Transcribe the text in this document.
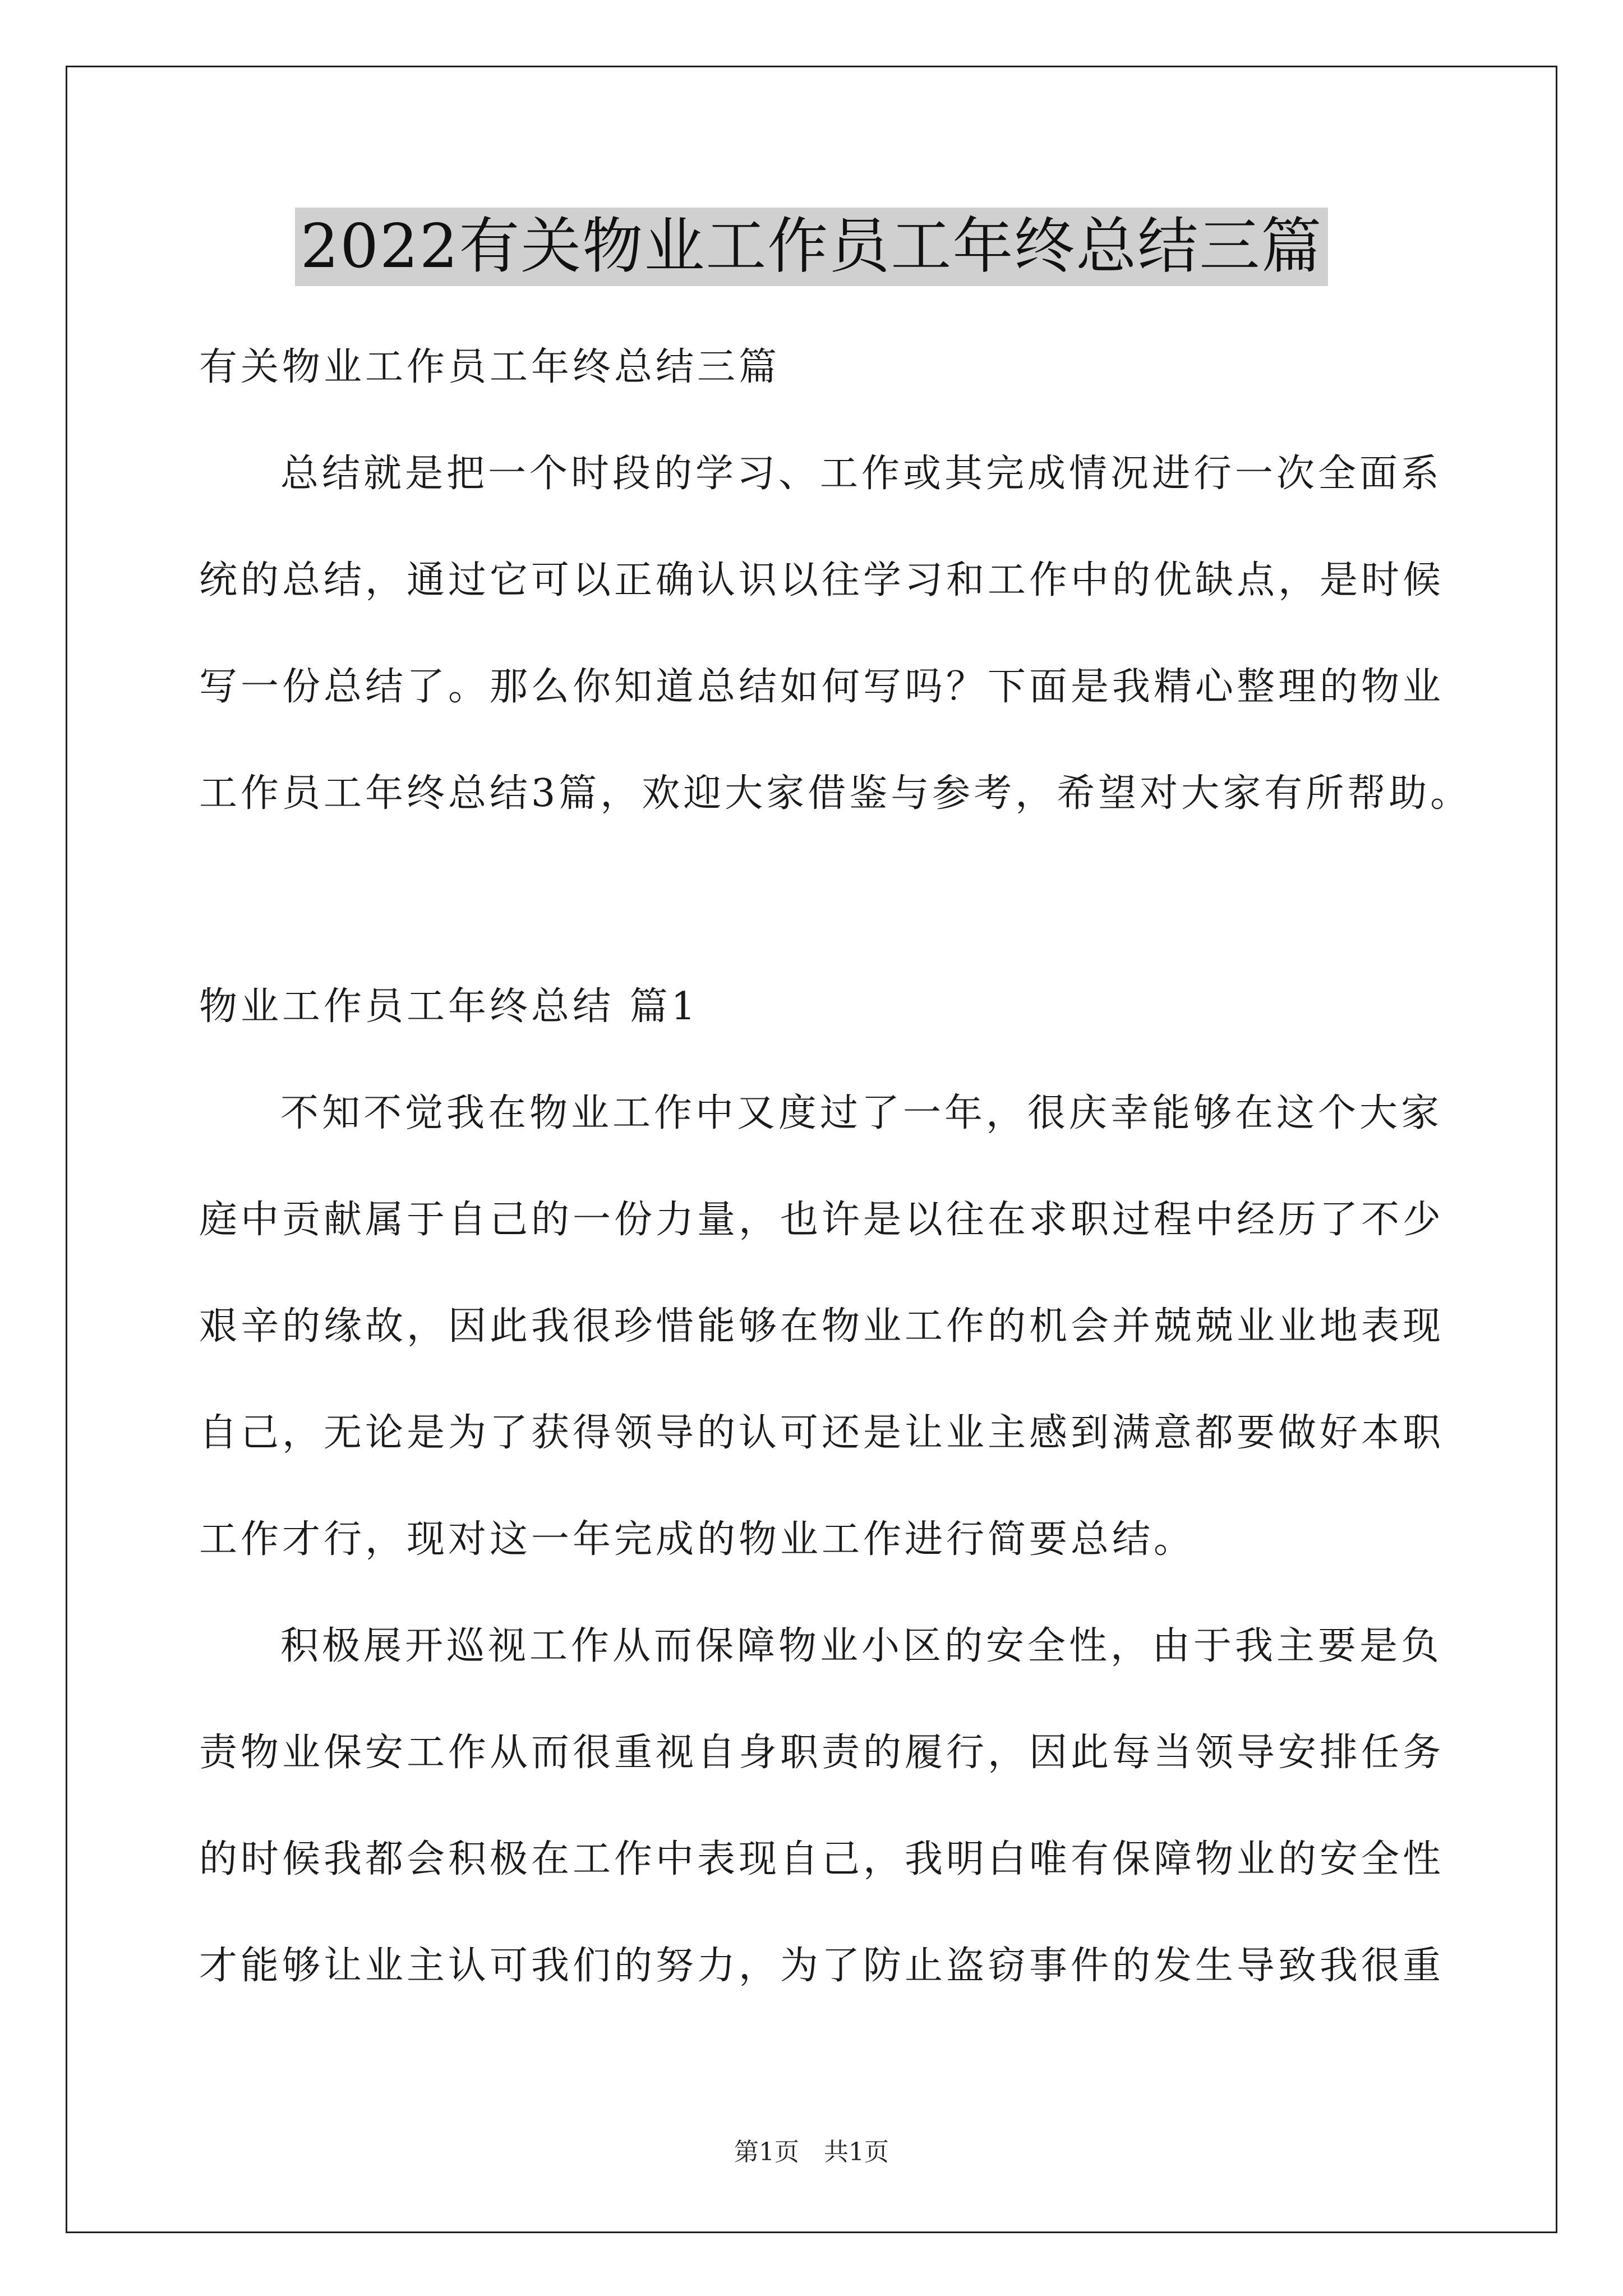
2022有关物业工作员工年终总结三篇
有关物业工作员工年终总结三篇
总结就是把一个时段的学习、工作或其完成情况进行一次全面系
统的总结，通过它可以正确认识以往学习和工作中的优缺点，是时候
写一份总结了。那么你知道总结如何写吗？下面是我精心整理的物业
工作员工年终总结3篇，欢迎大家借鉴与参考，希望对大家有所帮助。
物业工作员工年终总结 篇1
不知不觉我在物业工作中又度过了一年，很庆幸能够在这个大家
庭中贡献属于自己的一份力量，也许是以往在求职过程中经历了不少
艰辛的缘故，因此我很珍惜能够在物业工作的机会并兢兢业业地表现
自己，无论是为了获得领导的认可还是让业主感到满意都要做好本职
工作才行，现对这一年完成的物业工作进行简要总结。
积极展开巡视工作从而保障物业小区的安全性，由于我主要是负
责物业保安工作从而很重视自身职责的履行，因此每当领导安排任务
的时候我都会积极在工作中表现自己，我明白唯有保障物业的安全性
才能够让业主认可我们的努力，为了防止盗窃事件的发生导致我很重
第1页　共1页
